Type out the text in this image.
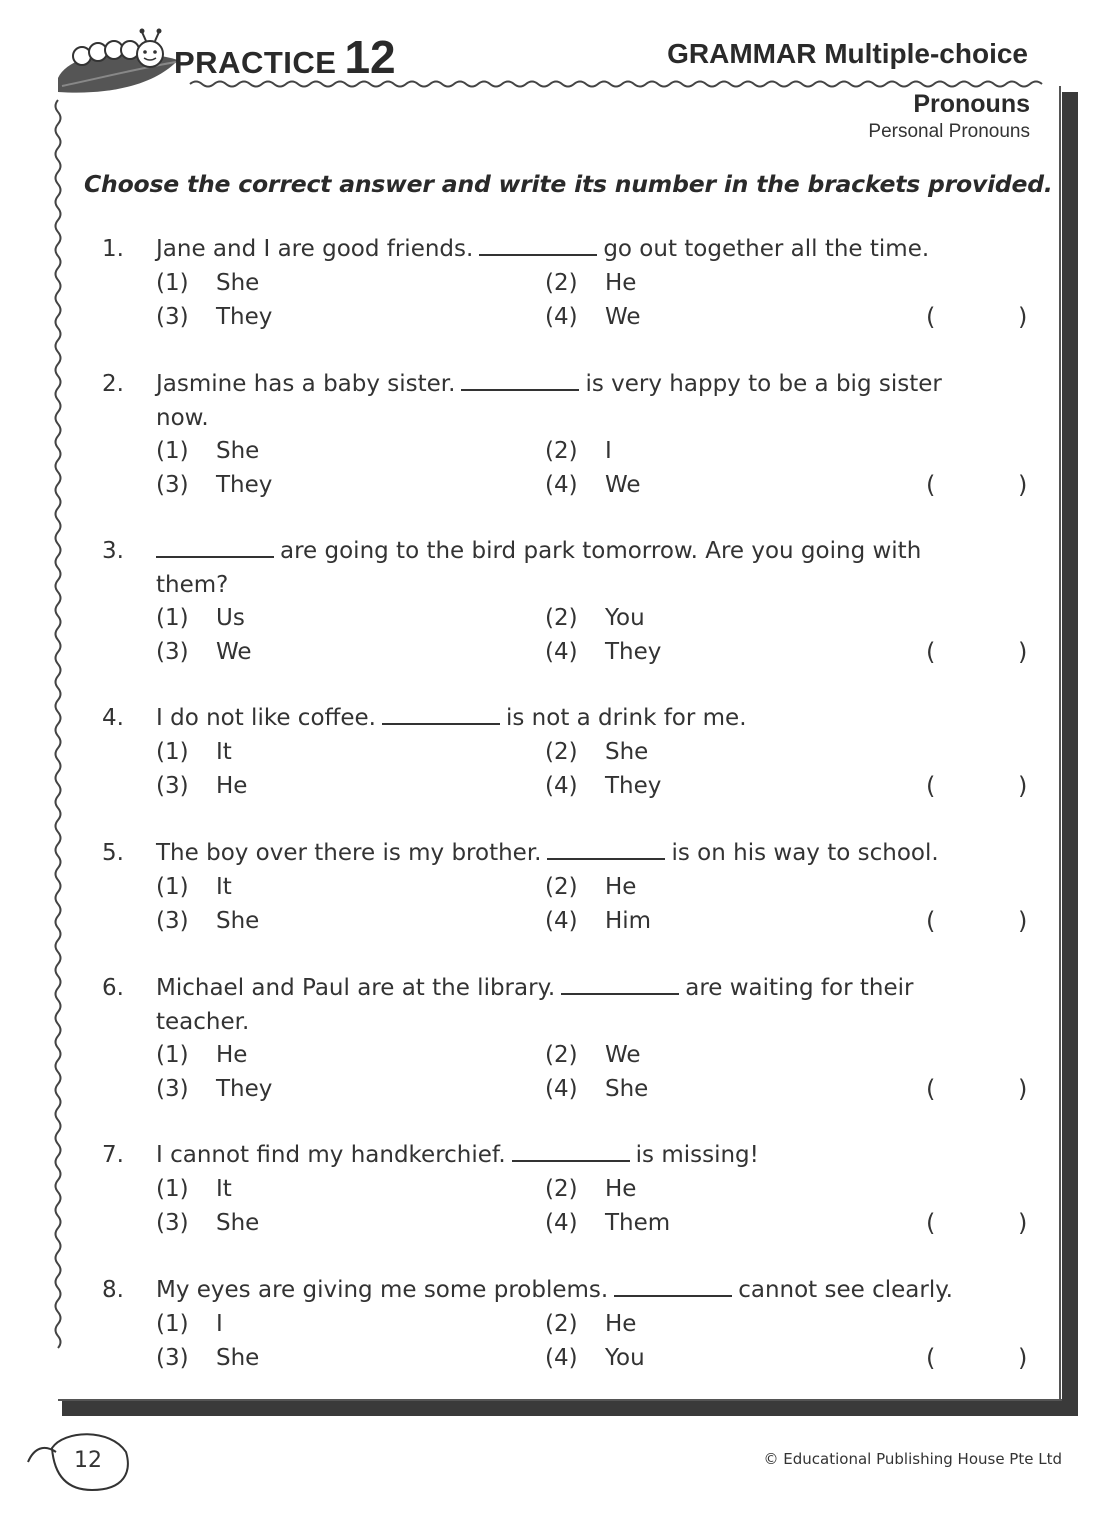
PRACTICE 12	GRAMMAR Multiple-choice
Pronouns
Personal Pronouns
Choose the correct answer and write its number in the brackets provided.
1. Jane and I are good friends.	go out together all the time.
(1) She	(2) He
(3) They	(4) We	(	)
2. Jasmine has a baby sister.	is very happy to be a big sister
now.
(1) She	(2) I
(3) They	(4) We	(	)
3.	are going to the bird park tomorrow. Are you going with
them?
(1) Us	(2) You
(3) We	(4) They	(	)
4. I do not like coffee.	is not a drink for me.
(1) It	(2) She
(3) He	(4) They	(	)
5. The boy over there is my brother.	is on his way to school.
(1) It	(2) He
(3) She	(4) Him	(	)
6. Michael and Paul are at the library.	are waiting for their
teacher.
(1) He	(2) We
(3) They	(4) She	(	)
7. I cannot find my handkerchief.	is missing!
(1) It	(2) He
(3) She	(4) Them	(	)
8. My eyes are giving me some problems.	cannot see clearly.
(1) I	(2) He
(3) She	(4) You	(	)
12	© Educational Publishing House Pte Ltd
